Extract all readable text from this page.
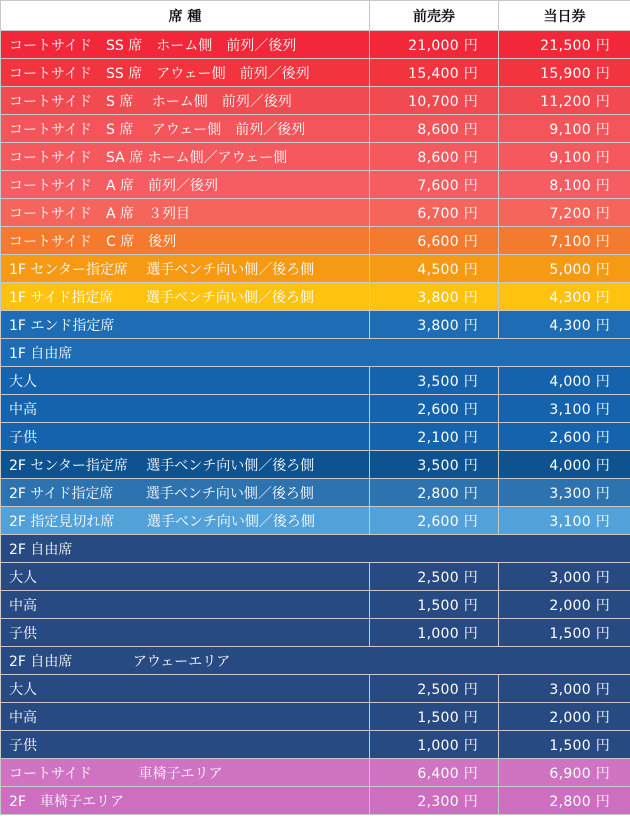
席 種	前売券	当日券
コートサイド　SS 席　ホーム側　前列／後列	21,000 円	21,500 円
コートサイド　SS 席　アウェー側　前列／後列	15,400 円	15,900 円
コートサイド　S 席　 ホーム側　前列／後列	10,700 円	11,200 円
コートサイド　S 席　 アウェー側　前列／後列	8,600 円	9,100 円
コートサイド　SA 席 ホーム側／アウェー側	8,600 円	9,100 円
コートサイド　A 席　前列／後列	7,600 円	8,100 円
コートサイド　A 席　３列目	6,700 円	7,200 円
コートサイド　C 席　後列	6,600 円	7,100 円
1F センター指定席　 選手ベンチ向い側／後ろ側	4,500 円	5,000 円
1F サイド指定席　　 選手ベンチ向い側／後ろ側	3,800 円	4,300 円
1F エンド指定席	3,800 円	4,300 円
1F 自由席		
大人	3,500 円	4,000 円
中高	2,600 円	3,100 円
子供	2,100 円	2,600 円
2F センター指定席　 選手ベンチ向い側／後ろ側	3,500 円	4,000 円
2F サイド指定席　　 選手ベンチ向い側／後ろ側	2,800 円	3,300 円
2F 指定見切れ席　　 選手ベンチ向い側／後ろ側	2,600 円	3,100 円
2F 自由席		
大人	2,500 円	3,000 円
中高	1,500 円	2,000 円
子供	1,000 円	1,500 円
2F 自由席　　　　 アウェーエリア		
大人	2,500 円	3,000 円
中高	1,500 円	2,000 円
子供	1,000 円	1,500 円
コートサイド　　　 車椅子エリア	6,400 円	6,900 円
2F　車椅子エリア	2,300 円	2,800 円
